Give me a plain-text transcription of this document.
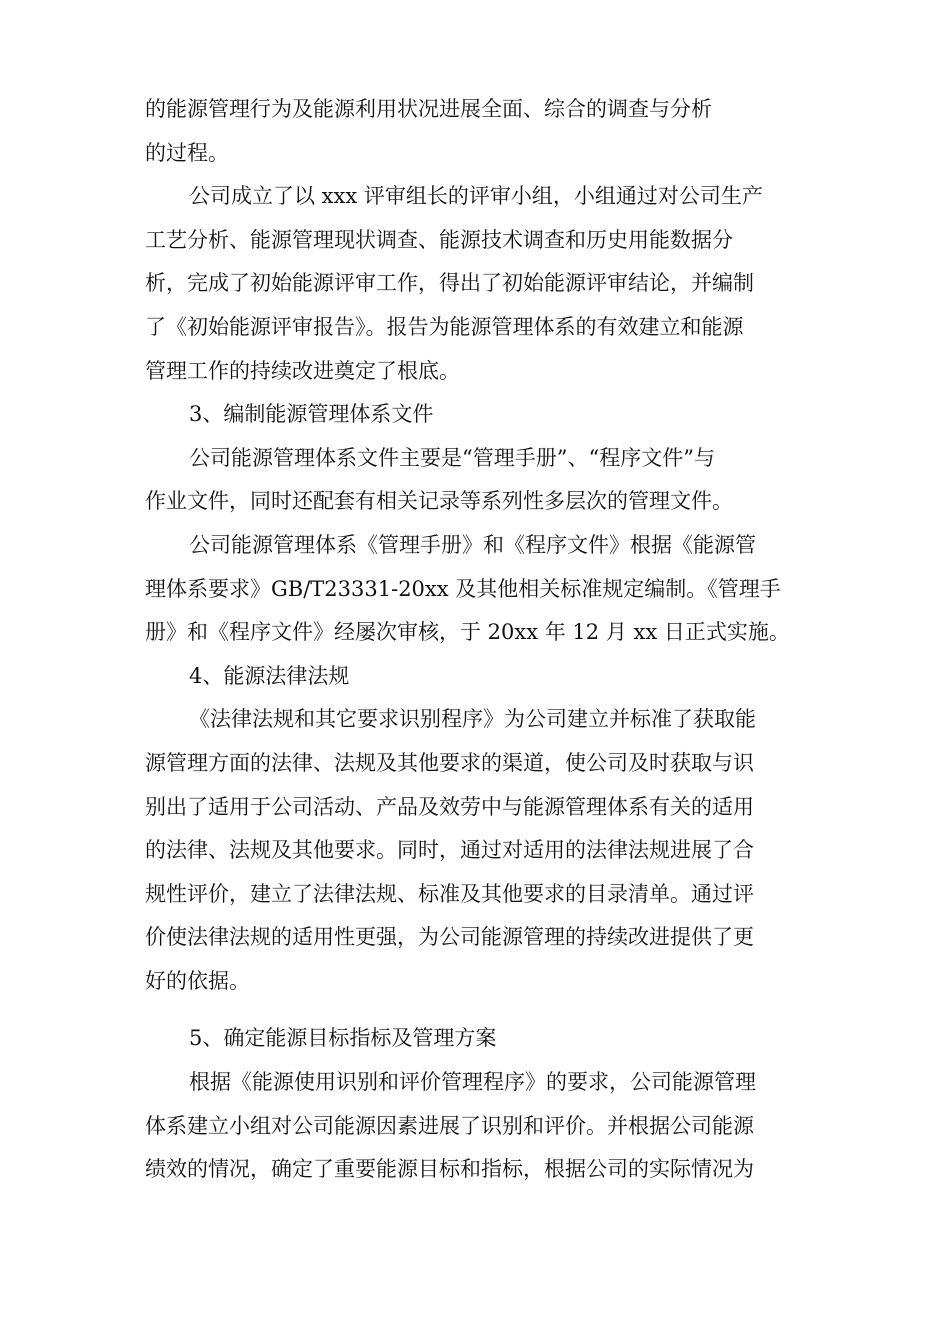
的能源管理行为及能源利用状况进展全面、综合的调查与分析
的过程。
公司成立了以 xxx 评审组长的评审小组，小组通过对公司生产
工艺分析、能源管理现状调查、能源技术调查和历史用能数据分
析，完成了初始能源评审工作，得出了初始能源评审结论，并编制
了《初始能源评审报告》。报告为能源管理体系的有效建立和能源
管理工作的持续改进奠定了根底。
3、编制能源管理体系文件
公司能源管理体系文件主要是“管理手册”、“程序文件”与
作业文件，同时还配套有相关记录等系列性多层次的管理文件。
公司能源管理体系《管理手册》和《程序文件》根据《能源管
理体系要求》GB/T23331-20xx 及其他相关标准规定编制。《管理手
册》和《程序文件》经屡次审核，于 20xx 年 12 月 xx 日正式实施。
4、能源法律法规
《法律法规和其它要求识别程序》为公司建立并标准了获取能
源管理方面的法律、法规及其他要求的渠道，使公司及时获取与识
别出了适用于公司活动、产品及效劳中与能源管理体系有关的适用
的法律、法规及其他要求。同时，通过对适用的法律法规进展了合
规性评价，建立了法律法规、标准及其他要求的目录清单。通过评
价使法律法规的适用性更强，为公司能源管理的持续改进提供了更
好的依据。
5、确定能源目标指标及管理方案
根据《能源使用识别和评价管理程序》的要求，公司能源管理
体系建立小组对公司能源因素进展了识别和评价。并根据公司能源
绩效的情况，确定了重要能源目标和指标，根据公司的实际情况为
